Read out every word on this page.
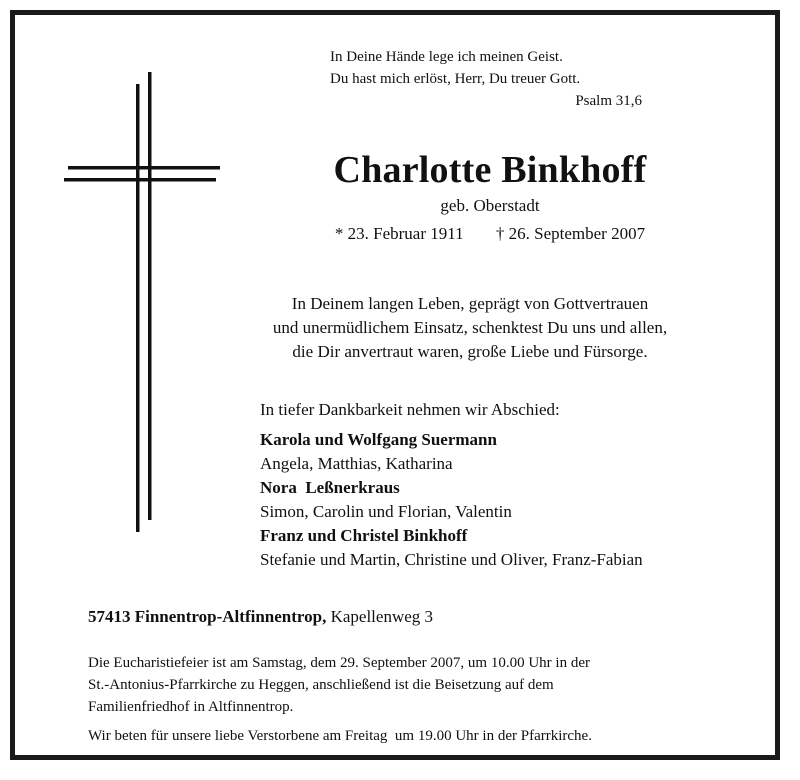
In Deine Hände lege ich meinen Geist.
Du hast mich erlöst, Herr, Du treuer Gott.
Psalm 31,6
Charlotte Binkhoff
geb. Oberstadt
* 23. Februar 1911 † 26. September 2007
In Deinem langen Leben, geprägt von Gottvertrauen
und unermüdlichem Einsatz, schenktest Du uns und allen,
die Dir anvertraut waren, große Liebe und Fürsorge.
In tiefer Dankbarkeit nehmen wir Abschied:
Karola und Wolfgang Suermann
Angela, Matthias, Katharina
Nora  Leßnerkraus
Simon, Carolin und Florian, Valentin
Franz und Christel Binkhoff
Stefanie und Martin, Christine und Oliver, Franz-Fabian
57413 Finnentrop-Altfinnentrop, Kapellenweg 3
Die Eucharistiefeier ist am Samstag, dem 29. September 2007, um 10.00 Uhr in der
St.-Antonius-Pfarrkirche zu Heggen, anschließend ist die Beisetzung auf dem
Familienfriedhof in Altfinnentrop.
Wir beten für unsere liebe Verstorbene am Freitag  um 19.00 Uhr in der Pfarrkirche.
